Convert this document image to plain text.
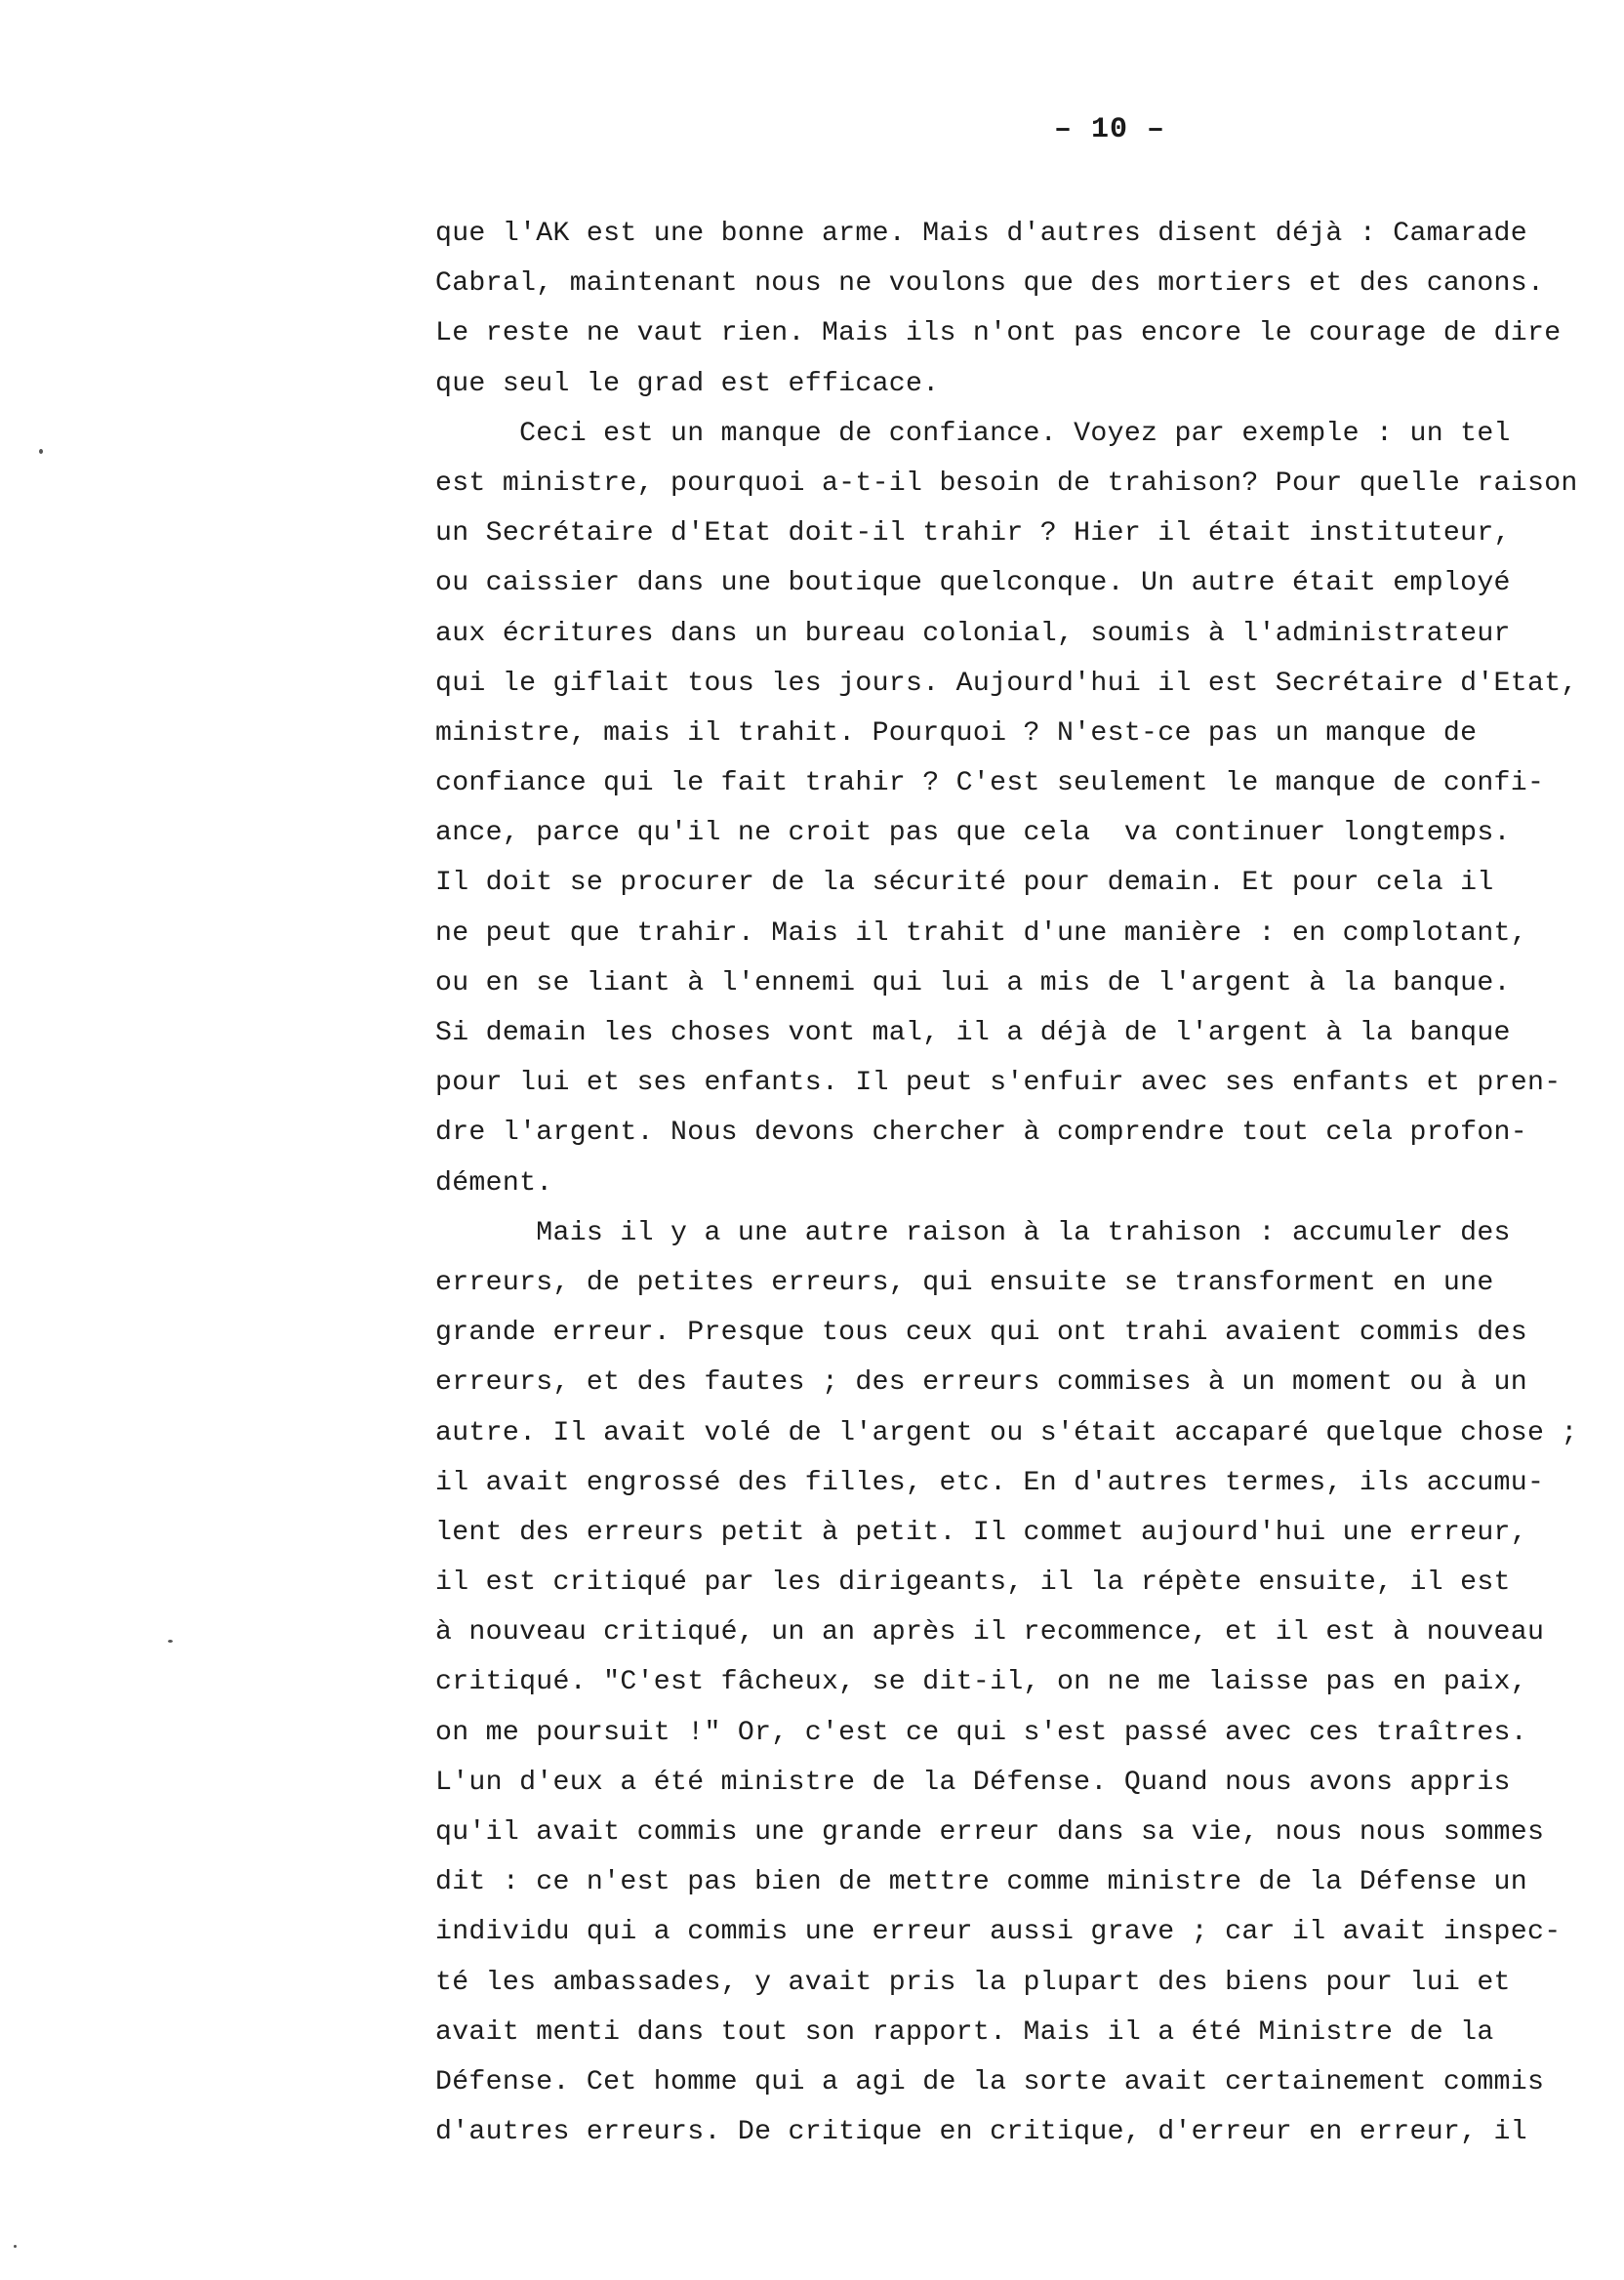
– 10 –
que l'AK est une bonne arme. Mais d'autres disent déjà : Camarade
Cabral, maintenant nous ne voulons que des mortiers et des canons.
Le reste ne vaut rien. Mais ils n'ont pas encore le courage de dire
que seul le grad est efficace.
Ceci est un manque de confiance. Voyez par exemple : un tel
est ministre, pourquoi a-t-il besoin de trahison? Pour quelle raison
un Secrétaire d'Etat doit-il trahir ? Hier il était instituteur,
ou caissier dans une boutique quelconque. Un autre était employé
aux écritures dans un bureau colonial, soumis à l'administrateur
qui le giflait tous les jours. Aujourd'hui il est Secrétaire d'Etat,
ministre, mais il trahit. Pourquoi ? N'est-ce pas un manque de
confiance qui le fait trahir ? C'est seulement le manque de confi-
ance, parce qu'il ne croit pas que cela  va continuer longtemps.
Il doit se procurer de la sécurité pour demain. Et pour cela il
ne peut que trahir. Mais il trahit d'une manière : en complotant,
ou en se liant à l'ennemi qui lui a mis de l'argent à la banque.
Si demain les choses vont mal, il a déjà de l'argent à la banque
pour lui et ses enfants. Il peut s'enfuir avec ses enfants et pren-
dre l'argent. Nous devons chercher à comprendre tout cela profon-
dément.
Mais il y a une autre raison à la trahison : accumuler des
erreurs, de petites erreurs, qui ensuite se transforment en une
grande erreur. Presque tous ceux qui ont trahi avaient commis des
erreurs, et des fautes ; des erreurs commises à un moment ou à un
autre. Il avait volé de l'argent ou s'était accaparé quelque chose ;
il avait engrossé des filles, etc. En d'autres termes, ils accumu-
lent des erreurs petit à petit. Il commet aujourd'hui une erreur,
il est critiqué par les dirigeants, il la répète ensuite, il est
à nouveau critiqué, un an après il recommence, et il est à nouveau
critiqué. "C'est fâcheux, se dit-il, on ne me laisse pas en paix,
on me poursuit !" Or, c'est ce qui s'est passé avec ces traîtres.
L'un d'eux a été ministre de la Défense. Quand nous avons appris
qu'il avait commis une grande erreur dans sa vie, nous nous sommes
dit : ce n'est pas bien de mettre comme ministre de la Défense un
individu qui a commis une erreur aussi grave ; car il avait inspec-
té les ambassades, y avait pris la plupart des biens pour lui et
avait menti dans tout son rapport. Mais il a été Ministre de la
Défense. Cet homme qui a agi de la sorte avait certainement commis
d'autres erreurs. De critique en critique, d'erreur en erreur, il
